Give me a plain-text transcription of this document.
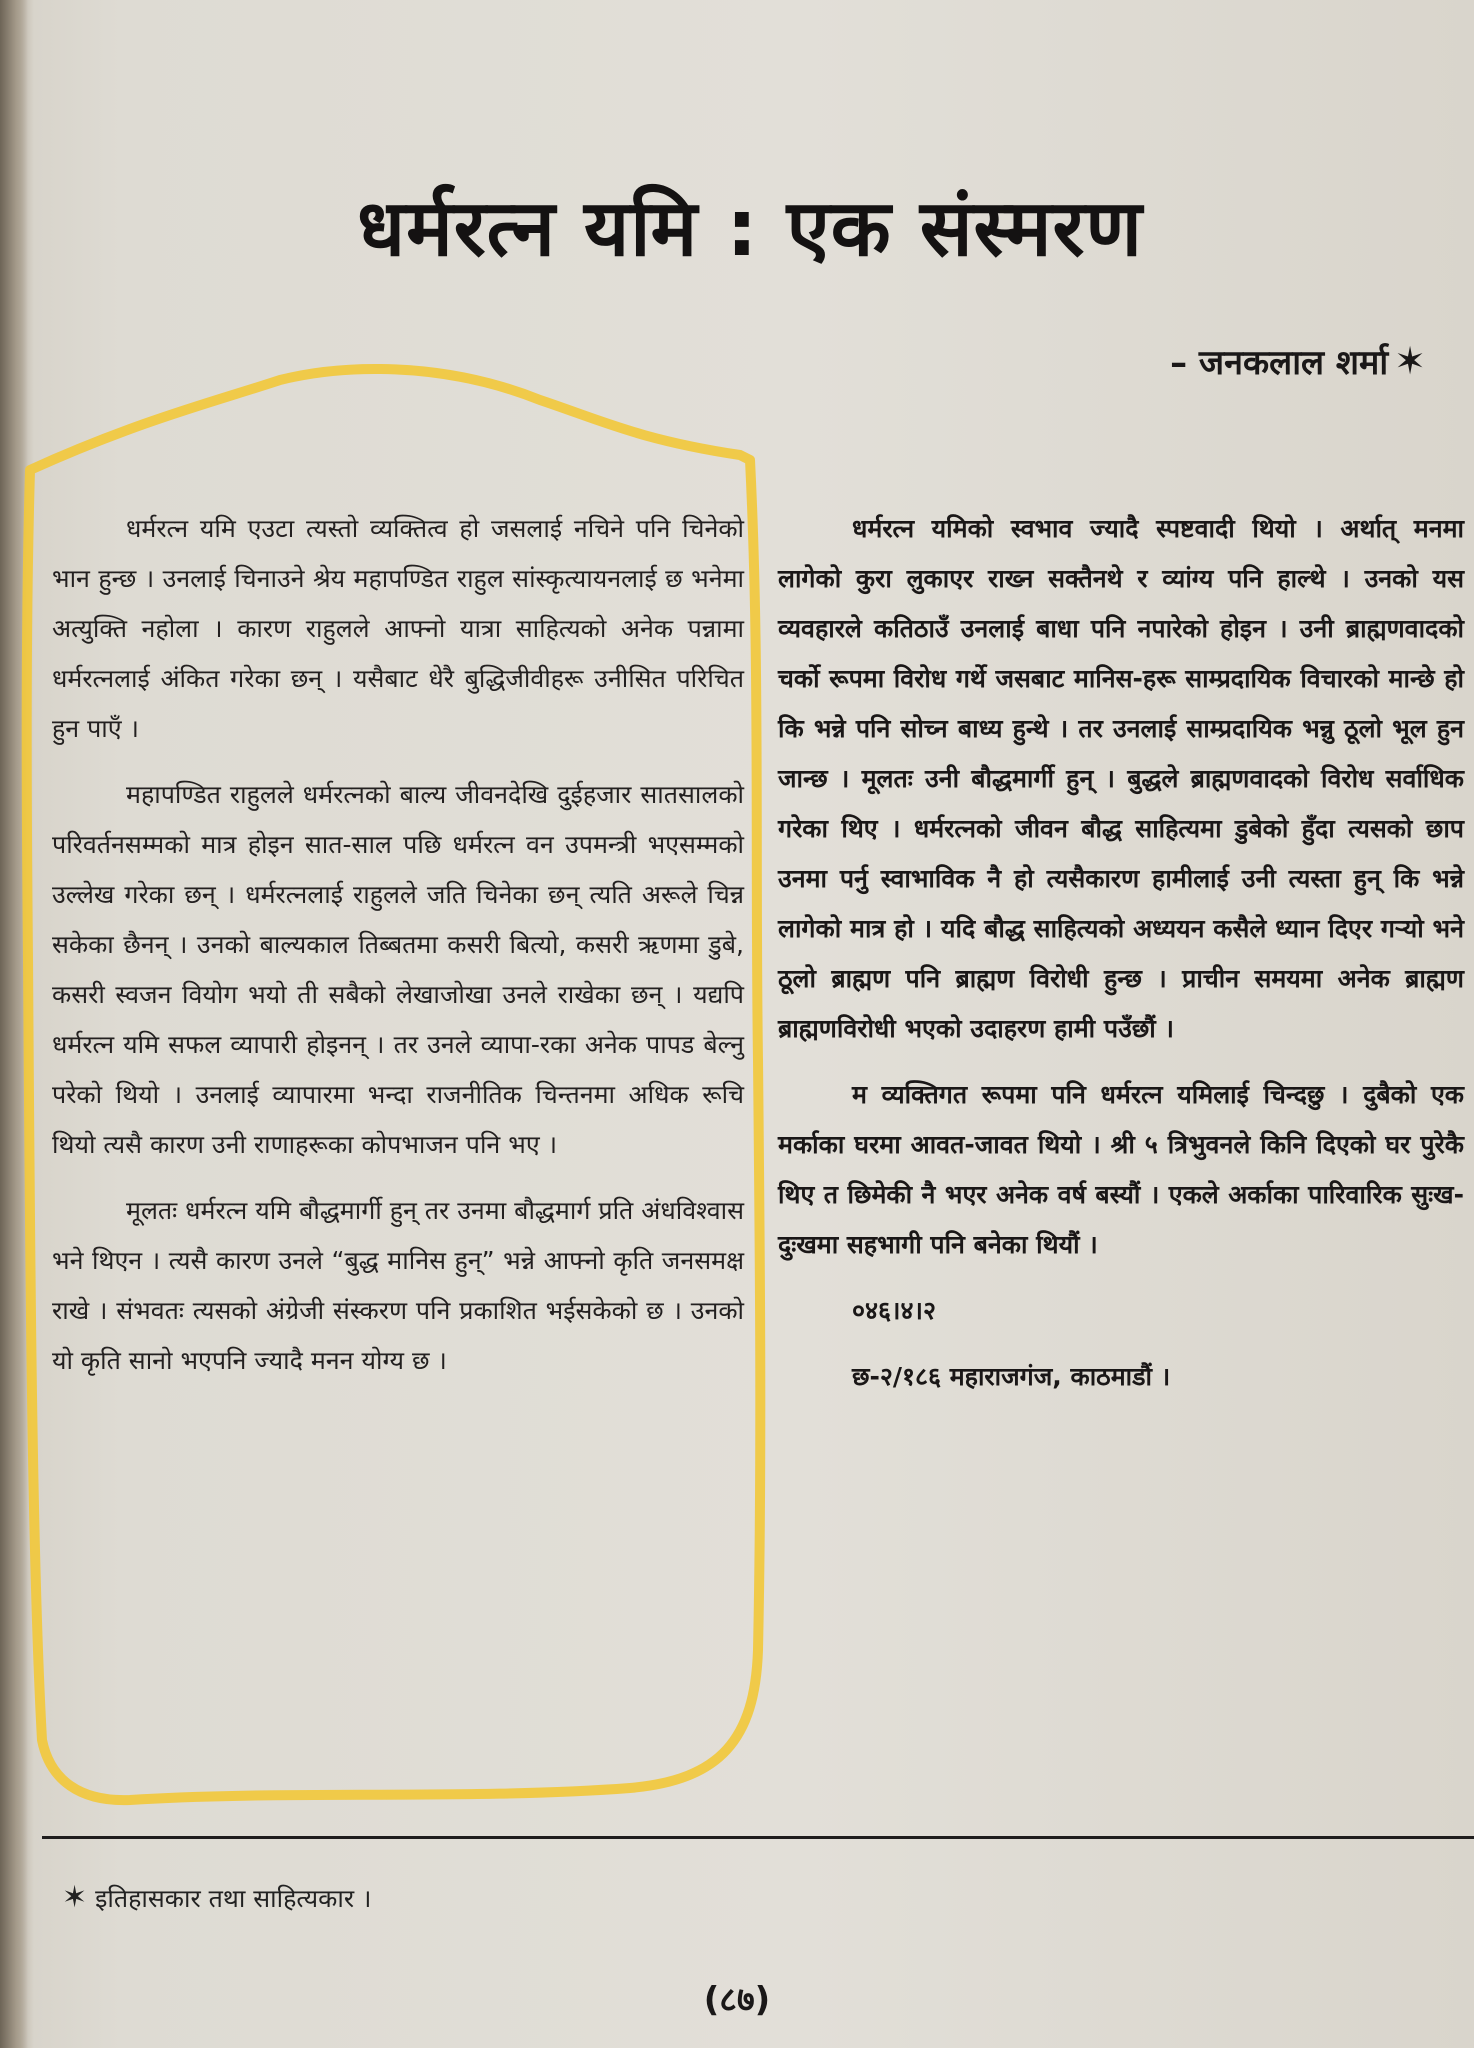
धर्मरत्न यमि : एक संस्मरण
– जनकलाल शर्मा ✶

धर्मरत्न यमि एउटा त्यस्तो व्यक्तित्व हो जसलाई नचिने पनि चिनेको भान हुन्छ । उनलाई चिनाउने श्रेय महापण्डित राहुल सांस्कृत्यायनलाई छ भनेमा अत्युक्ति नहोला । कारण राहुलले आफ्नो यात्रा साहित्यको अनेक पन्नामा धर्मरत्नलाई अंकित गरेका छन् । यसैबाट धेरै बुद्धिजीवीहरू उनीसित परिचित हुन पाएँ ।

महापण्डित राहुलले धर्मरत्नको बाल्य जीवनदेखि दुईहजार सातसालको परिवर्तनसम्मको मात्र होइन सात-साल पछि धर्मरत्न वन उपमन्त्री भएसम्मको उल्लेख गरेका छन् । धर्मरत्नलाई राहुलले जति चिनेका छन् त्यति अरूले चिन्न सकेका छैनन् । उनको बाल्यकाल तिब्बतमा कसरी बित्यो, कसरी ऋणमा डुबे, कसरी स्वजन वियोग भयो ती सबैको लेखाजोखा उनले राखेका छन् । यद्यपि धर्मरत्न यमि सफल व्यापारी होइनन् । तर उनले व्यापा-रका अनेक पापड बेल्नु परेको थियो । उनलाई व्यापारमा भन्दा राजनीतिक चिन्तनमा अधिक रूचि थियो त्यसै कारण उनी राणाहरूका कोपभाजन पनि भए ।

मूलतः धर्मरत्न यमि बौद्धमार्गी हुन् तर उनमा बौद्धमार्ग प्रति अंधविश्वास भने थिएन । त्यसै कारण उनले “बुद्ध मानिस हुन्” भन्ने आफ्नो कृति जनसमक्ष राखे । संभवतः त्यसको अंग्रेजी संस्करण पनि प्रकाशित भईसकेको छ । उनको यो कृति सानो भएपनि ज्यादै मनन योग्य छ ।

धर्मरत्न यमिको स्वभाव ज्यादै स्पष्टवादी थियो । अर्थात् मनमा लागेको कुरा लुकाएर राख्न सक्तैनथे र व्यांग्य पनि हाल्थे । उनको यस व्यवहारले कतिठाउँ उनलाई बाधा पनि नपारेको होइन । उनी ब्राह्मणवादको चर्को रूपमा विरोध गर्थे जसबाट मानिस-हरू साम्प्रदायिक विचारको मान्छे हो कि भन्ने पनि सोच्न बाध्य हुन्थे । तर उनलाई साम्प्रदायिक भन्नु ठूलो भूल हुन जान्छ । मूलतः उनी बौद्धमार्गी हुन् । बुद्धले ब्राह्मणवादको विरोध सर्वाधिक गरेका थिए । धर्मरत्नको जीवन बौद्ध साहित्यमा डुबेको हुँदा त्यसको छाप उनमा पर्नु स्वाभाविक नै हो त्यसैकारण हामीलाई उनी त्यस्ता हुन् कि भन्ने लागेको मात्र हो । यदि बौद्ध साहित्यको अध्ययन कसैले ध्यान दिएर गऱ्यो भने ठूलो ब्राह्मण पनि ब्राह्मण विरोधी हुन्छ । प्राचीन समयमा अनेक ब्राह्मण ब्राह्मणविरोधी भएको उदाहरण हामी पउँछौं ।

म व्यक्तिगत रूपमा पनि धर्मरत्न यमिलाई चिन्दछु । दुबैको एक मर्काका घरमा आवत-जावत थियो । श्री ५ त्रिभुवनले किनि दिएको घर पुरेकै थिए त छिमेकी नै भएर अनेक वर्ष बस्यौं । एकले अर्काका पारिवारिक सुःख-दुःखमा सहभागी पनि बनेका थियौं ।

०४६।४।२

छ-२/१८६ महाराजगंज, काठमाडौं ।

✶ इतिहासकार तथा साहित्यकार ।
(८७)
